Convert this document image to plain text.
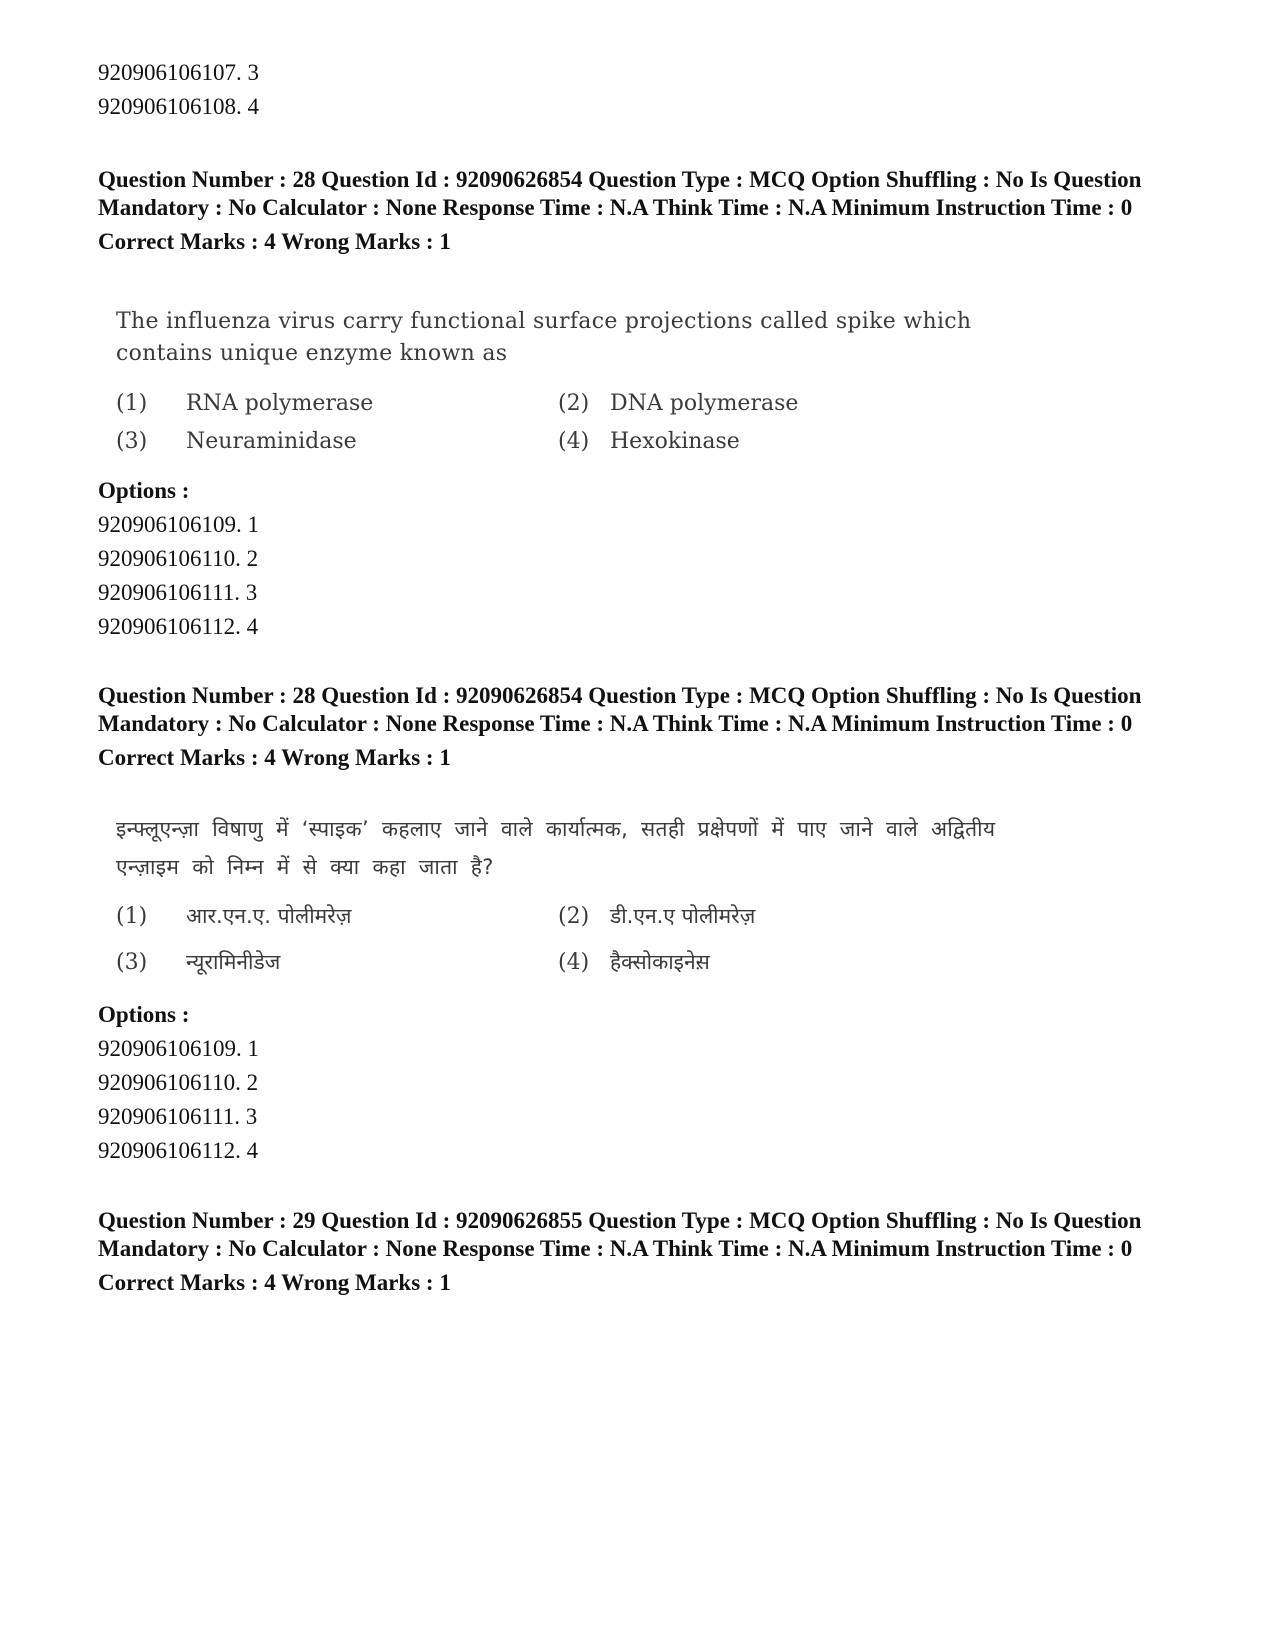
920906106107. 3
920906106108. 4
Question Number : 28 Question Id : 92090626854 Question Type : MCQ Option Shuffling : No Is Question Mandatory : No Calculator : None Response Time : N.A Think Time : N.A Minimum Instruction Time : 0
Correct Marks : 4 Wrong Marks : 1
The influenza virus carry functional surface projections called spike which contains unique enzyme known as
(1) RNA polymerase	(2) DNA polymerase
(3) Neuraminidase	(4) Hexokinase
Options :
920906106109. 1
920906106110. 2
920906106111. 3
920906106112. 4
Question Number : 28 Question Id : 92090626854 Question Type : MCQ Option Shuffling : No Is Question Mandatory : No Calculator : None Response Time : N.A Think Time : N.A Minimum Instruction Time : 0
Correct Marks : 4 Wrong Marks : 1
इन्फ्लूएन्ज़ा विषाणु में ‘स्पाइक’ कहलाए जाने वाले कार्यात्मक, सतही प्रक्षेपणों में पाए जाने वाले अद्वितीय एन्ज़ाइम को निम्न में से क्या कहा जाता है?
(1) आर.एन.ए. पोलीमरेज़	(2) डी.एन.ए पोलीमरेज़
(3) न्यूरामिनीडेज	(4) हैक्सोकाइनेस़
Options :
920906106109. 1
920906106110. 2
920906106111. 3
920906106112. 4
Question Number : 29 Question Id : 92090626855 Question Type : MCQ Option Shuffling : No Is Question Mandatory : No Calculator : None Response Time : N.A Think Time : N.A Minimum Instruction Time : 0
Correct Marks : 4 Wrong Marks : 1
